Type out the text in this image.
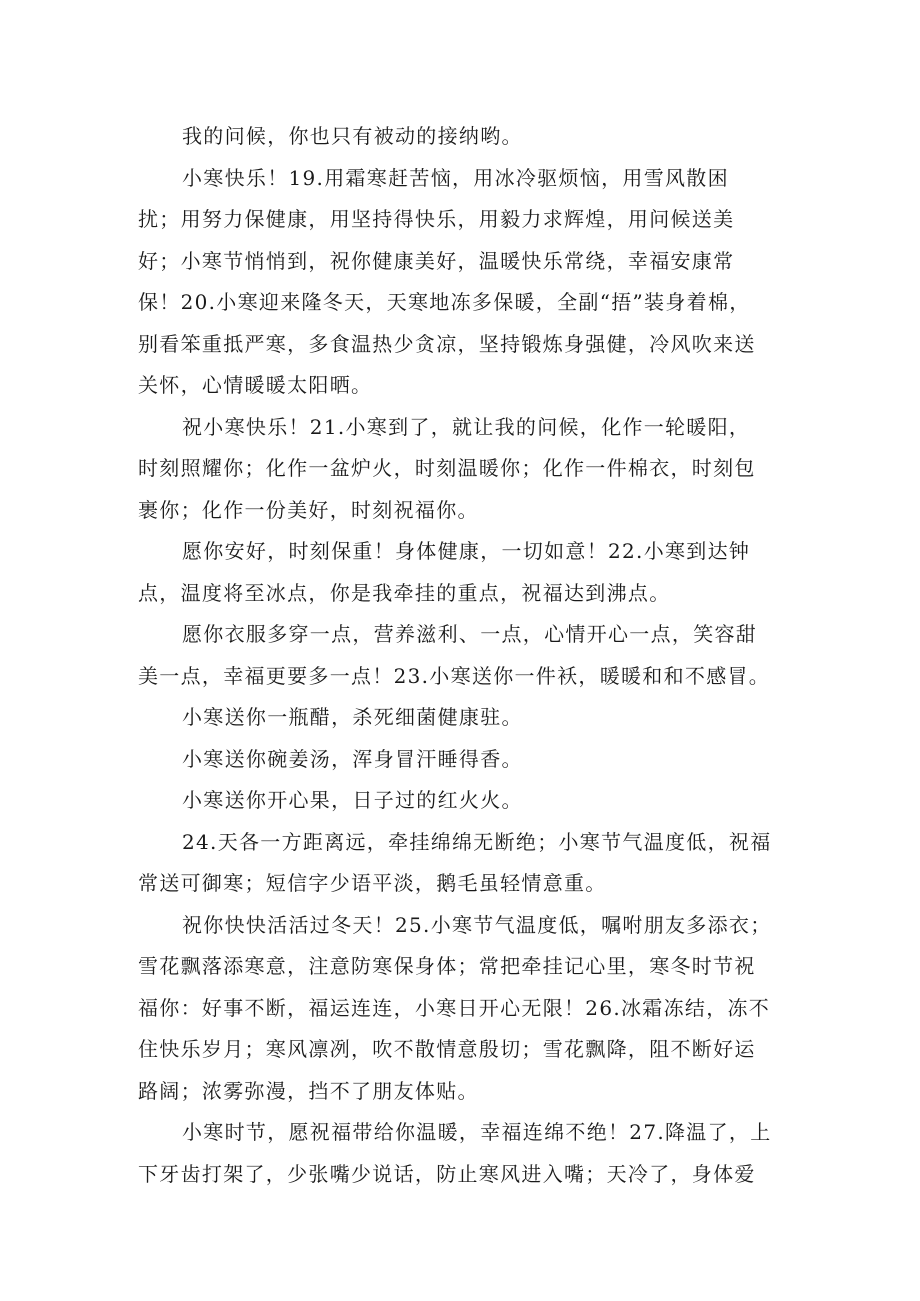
我的问候，你也只有被动的接纳哟。
小寒快乐！19.用霜寒赶苦恼，用冰冷驱烦恼，用雪风散困
扰；用努力保健康，用坚持得快乐，用毅力求辉煌，用问候送美
好；小寒节悄悄到，祝你健康美好，温暖快乐常绕，幸福安康常
保！20.小寒迎来隆冬天，天寒地冻多保暖，全副“捂”装身着棉，
别看笨重抵严寒，多食温热少贪凉，坚持锻炼身强健，冷风吹来送
关怀，心情暖暖太阳晒。
祝小寒快乐！21.小寒到了，就让我的问候，化作一轮暖阳，
时刻照耀你；化作一盆炉火，时刻温暖你；化作一件棉衣，时刻包
裹你；化作一份美好，时刻祝福你。
愿你安好，时刻保重！身体健康，一切如意！22.小寒到达钟
点，温度将至冰点，你是我牵挂的重点，祝福达到沸点。
愿你衣服多穿一点，营养滋利、一点，心情开心一点，笑容甜
美一点，幸福更要多一点！23.小寒送你一件袄，暖暖和和不感冒。
小寒送你一瓶醋，杀死细菌健康驻。
小寒送你碗姜汤，浑身冒汗睡得香。
小寒送你开心果，日子过的红火火。
24.天各一方距离远，牵挂绵绵无断绝；小寒节气温度低，祝福
常送可御寒；短信字少语平淡，鹅毛虽轻情意重。
祝你快快活活过冬天！25.小寒节气温度低，嘱咐朋友多添衣；
雪花飘落添寒意，注意防寒保身体；常把牵挂记心里，寒冬时节祝
福你：好事不断，福运连连，小寒日开心无限！26.冰霜冻结，冻不
住快乐岁月；寒风凛冽，吹不散情意殷切；雪花飘降，阻不断好运
路阔；浓雾弥漫，挡不了朋友体贴。
小寒时节，愿祝福带给你温暖，幸福连绵不绝！27.降温了，上
下牙齿打架了，少张嘴少说话，防止寒风进入嘴；天冷了，身体爱
